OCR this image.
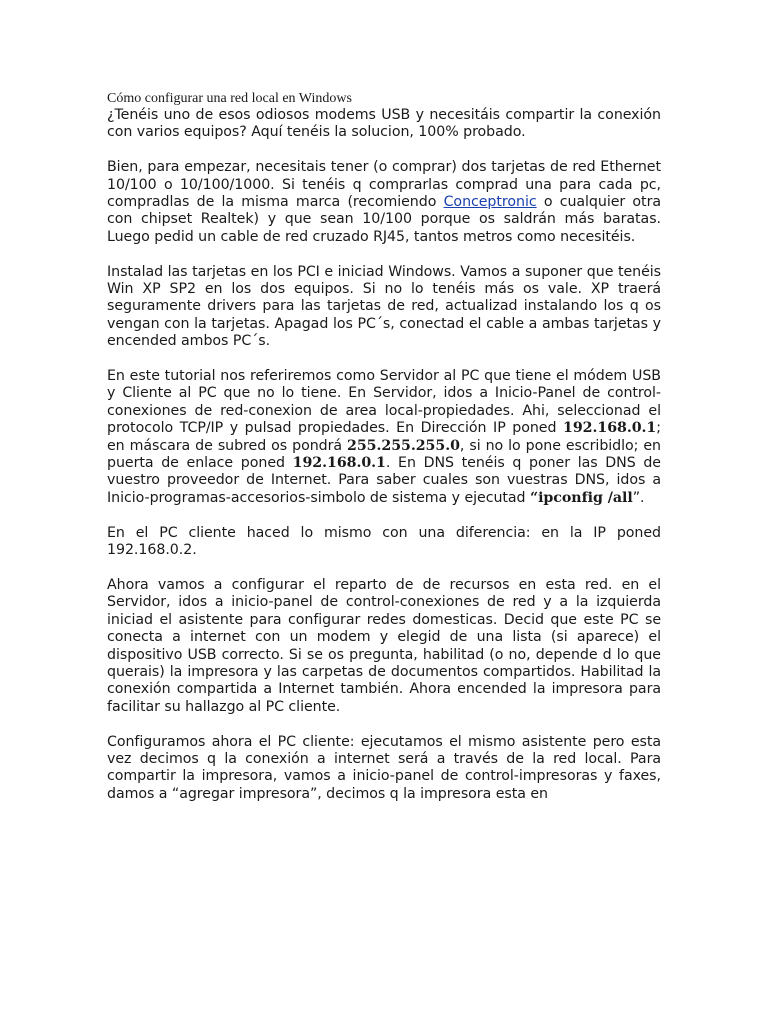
Cómo configurar una red local en Windows

¿Tenéis uno de esos odiosos modems USB y necesitáis compartir la conexión con varios equipos? Aquí tenéis la solucion, 100% probado.

Bien, para empezar, necesitais tener (o comprar) dos tarjetas de red Ethernet 10/100 o 10/100/1000. Si tenéis q comprarlas comprad una para cada pc, compradlas de la misma marca (recomiendo Conceptronic o cualquier otra con chipset Realtek) y que sean 10/100 porque os saldrán más baratas. Luego pedid un cable de red cruzado RJ45, tantos metros como necesitéis.

Instalad las tarjetas en los PCI e iniciad Windows. Vamos a suponer que tenéis Win XP SP2 en los dos equipos. Si no lo tenéis más os vale. XP traerá seguramente drivers para las tarjetas de red, actualizad instalando los q os vengan con la tarjetas. Apagad los PC´s, conectad el cable a ambas tarjetas y encended ambos PC´s.

En este tutorial nos referiremos como Servidor al PC que tiene el módem USB y Cliente al PC que no lo tiene. En Servidor, idos a Inicio-Panel de control-conexiones de red-conexion de area local-propiedades. Ahi, seleccionad el protocolo TCP/IP y pulsad propiedades. En Dirección IP poned 192.168.0.1; en máscara de subred os pondrá 255.255.255.0, si no lo pone escribidlo; en puerta de enlace poned 192.168.0.1. En DNS tenéis q poner las DNS de vuestro proveedor de Internet. Para saber cuales son vuestras DNS, idos a Inicio-programas-accesorios-simbolo de sistema y ejecutad “ipconfig /all”.

En el PC cliente haced lo mismo con una diferencia: en la IP poned 192.168.0.2.

Ahora vamos a configurar el reparto de de recursos en esta red. en el Servidor, idos a inicio-panel de control-conexiones de red y a la izquierda iniciad el asistente para configurar redes domesticas. Decid que este PC se conecta a internet con un modem y elegid de una lista (si aparece) el dispositivo USB correcto. Si se os pregunta, habilitad (o no, depende d lo que querais) la impresora y las carpetas de documentos compartidos. Habilitad la conexión compartida a Internet también. Ahora encended la impresora para facilitar su hallazgo al PC cliente.

Configuramos ahora el PC cliente: ejecutamos el mismo asistente pero esta vez decimos q la conexión a internet será a través de la red local. Para compartir la impresora, vamos a inicio-panel de control-impresoras y faxes, damos a “agregar impresora”, decimos q la impresora esta en
